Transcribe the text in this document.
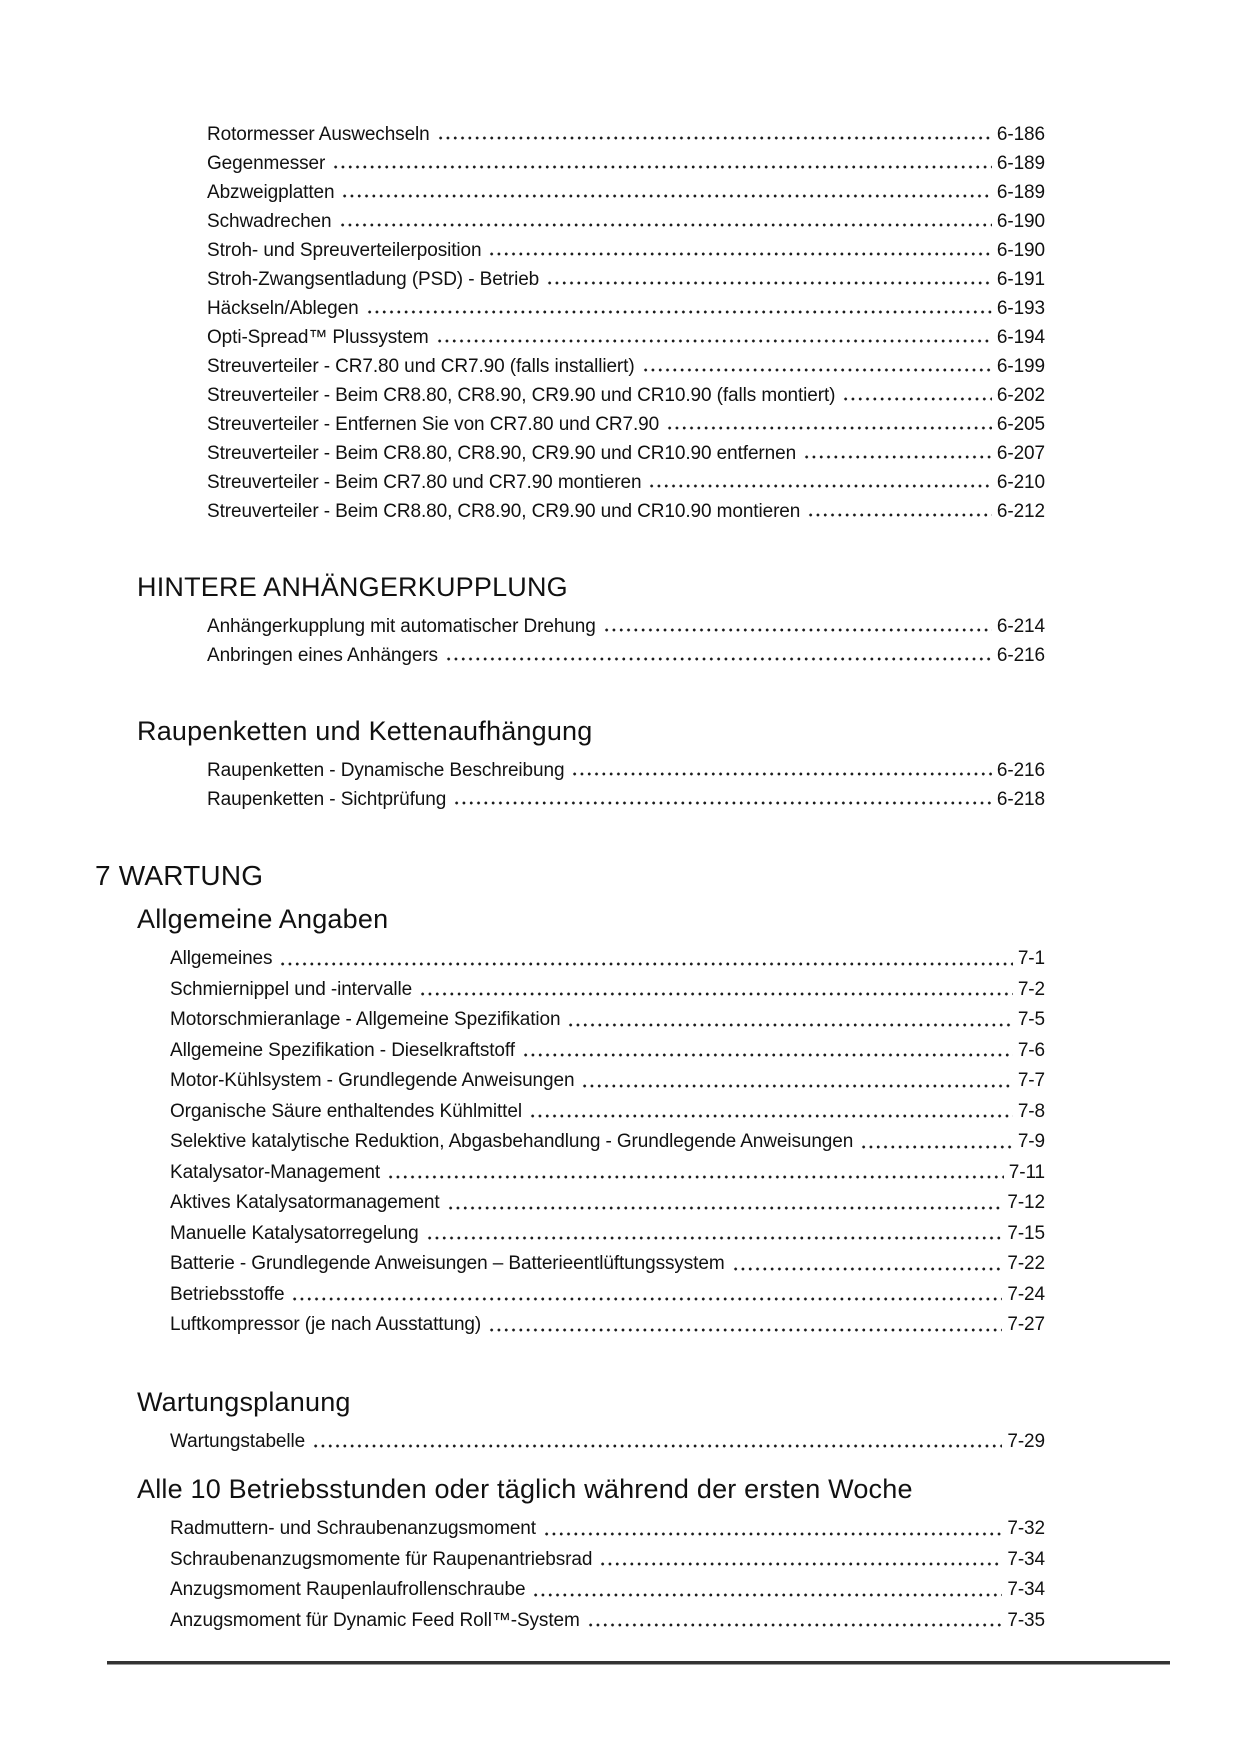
Rotormesser Auswechseln	6-186
Gegenmesser	6-189
Abzweigplatten	6-189
Schwadrechen	6-190
Stroh- und Spreuverteilerposition	6-190
Stroh-Zwangsentladung (PSD) - Betrieb	6-191
Häckseln/Ablegen	6-193
Opti-Spread™ Plussystem	6-194
Streuverteiler - CR7.80 und CR7.90 (falls installiert)	6-199
Streuverteiler - Beim CR8.80, CR8.90, CR9.90 und CR10.90 (falls montiert)	6-202
Streuverteiler - Entfernen Sie von CR7.80 und CR7.90	6-205
Streuverteiler - Beim CR8.80, CR8.90, CR9.90 und CR10.90 entfernen	6-207
Streuverteiler - Beim CR7.80 und CR7.90 montieren	6-210
Streuverteiler - Beim CR8.80, CR8.90, CR9.90 und CR10.90 montieren	6-212
HINTERE ANHÄNGERKUPPLUNG
Anhängerkupplung mit automatischer Drehung	6-214
Anbringen eines Anhängers	6-216
Raupenketten und Kettenaufhängung
Raupenketten - Dynamische Beschreibung	6-216
Raupenketten - Sichtprüfung	6-218
7 WARTUNG
Allgemeine Angaben
Allgemeines	7-1
Schmiernippel und -intervalle	7-2
Motorschmieranlage - Allgemeine Spezifikation	7-5
Allgemeine Spezifikation - Dieselkraftstoff	7-6
Motor-Kühlsystem - Grundlegende Anweisungen	7-7
Organische Säure enthaltendes Kühlmittel	7-8
Selektive katalytische Reduktion, Abgasbehandlung - Grundlegende Anweisungen	7-9
Katalysator-Management	7-11
Aktives Katalysatormanagement	7-12
Manuelle Katalysatorregelung	7-15
Batterie - Grundlegende Anweisungen – Batterieentlüftungssystem	7-22
Betriebsstoffe	7-24
Luftkompressor (je nach Ausstattung)	7-27
Wartungsplanung
Wartungstabelle	7-29
Alle 10 Betriebsstunden oder täglich während der ersten Woche
Radmuttern- und Schraubenanzugsmoment	7-32
Schraubenanzugsmomente für Raupenantriebsrad	7-34
Anzugsmoment Raupenlaufrollenschraube	7-34
Anzugsmoment für Dynamic Feed Roll™-System	7-35
